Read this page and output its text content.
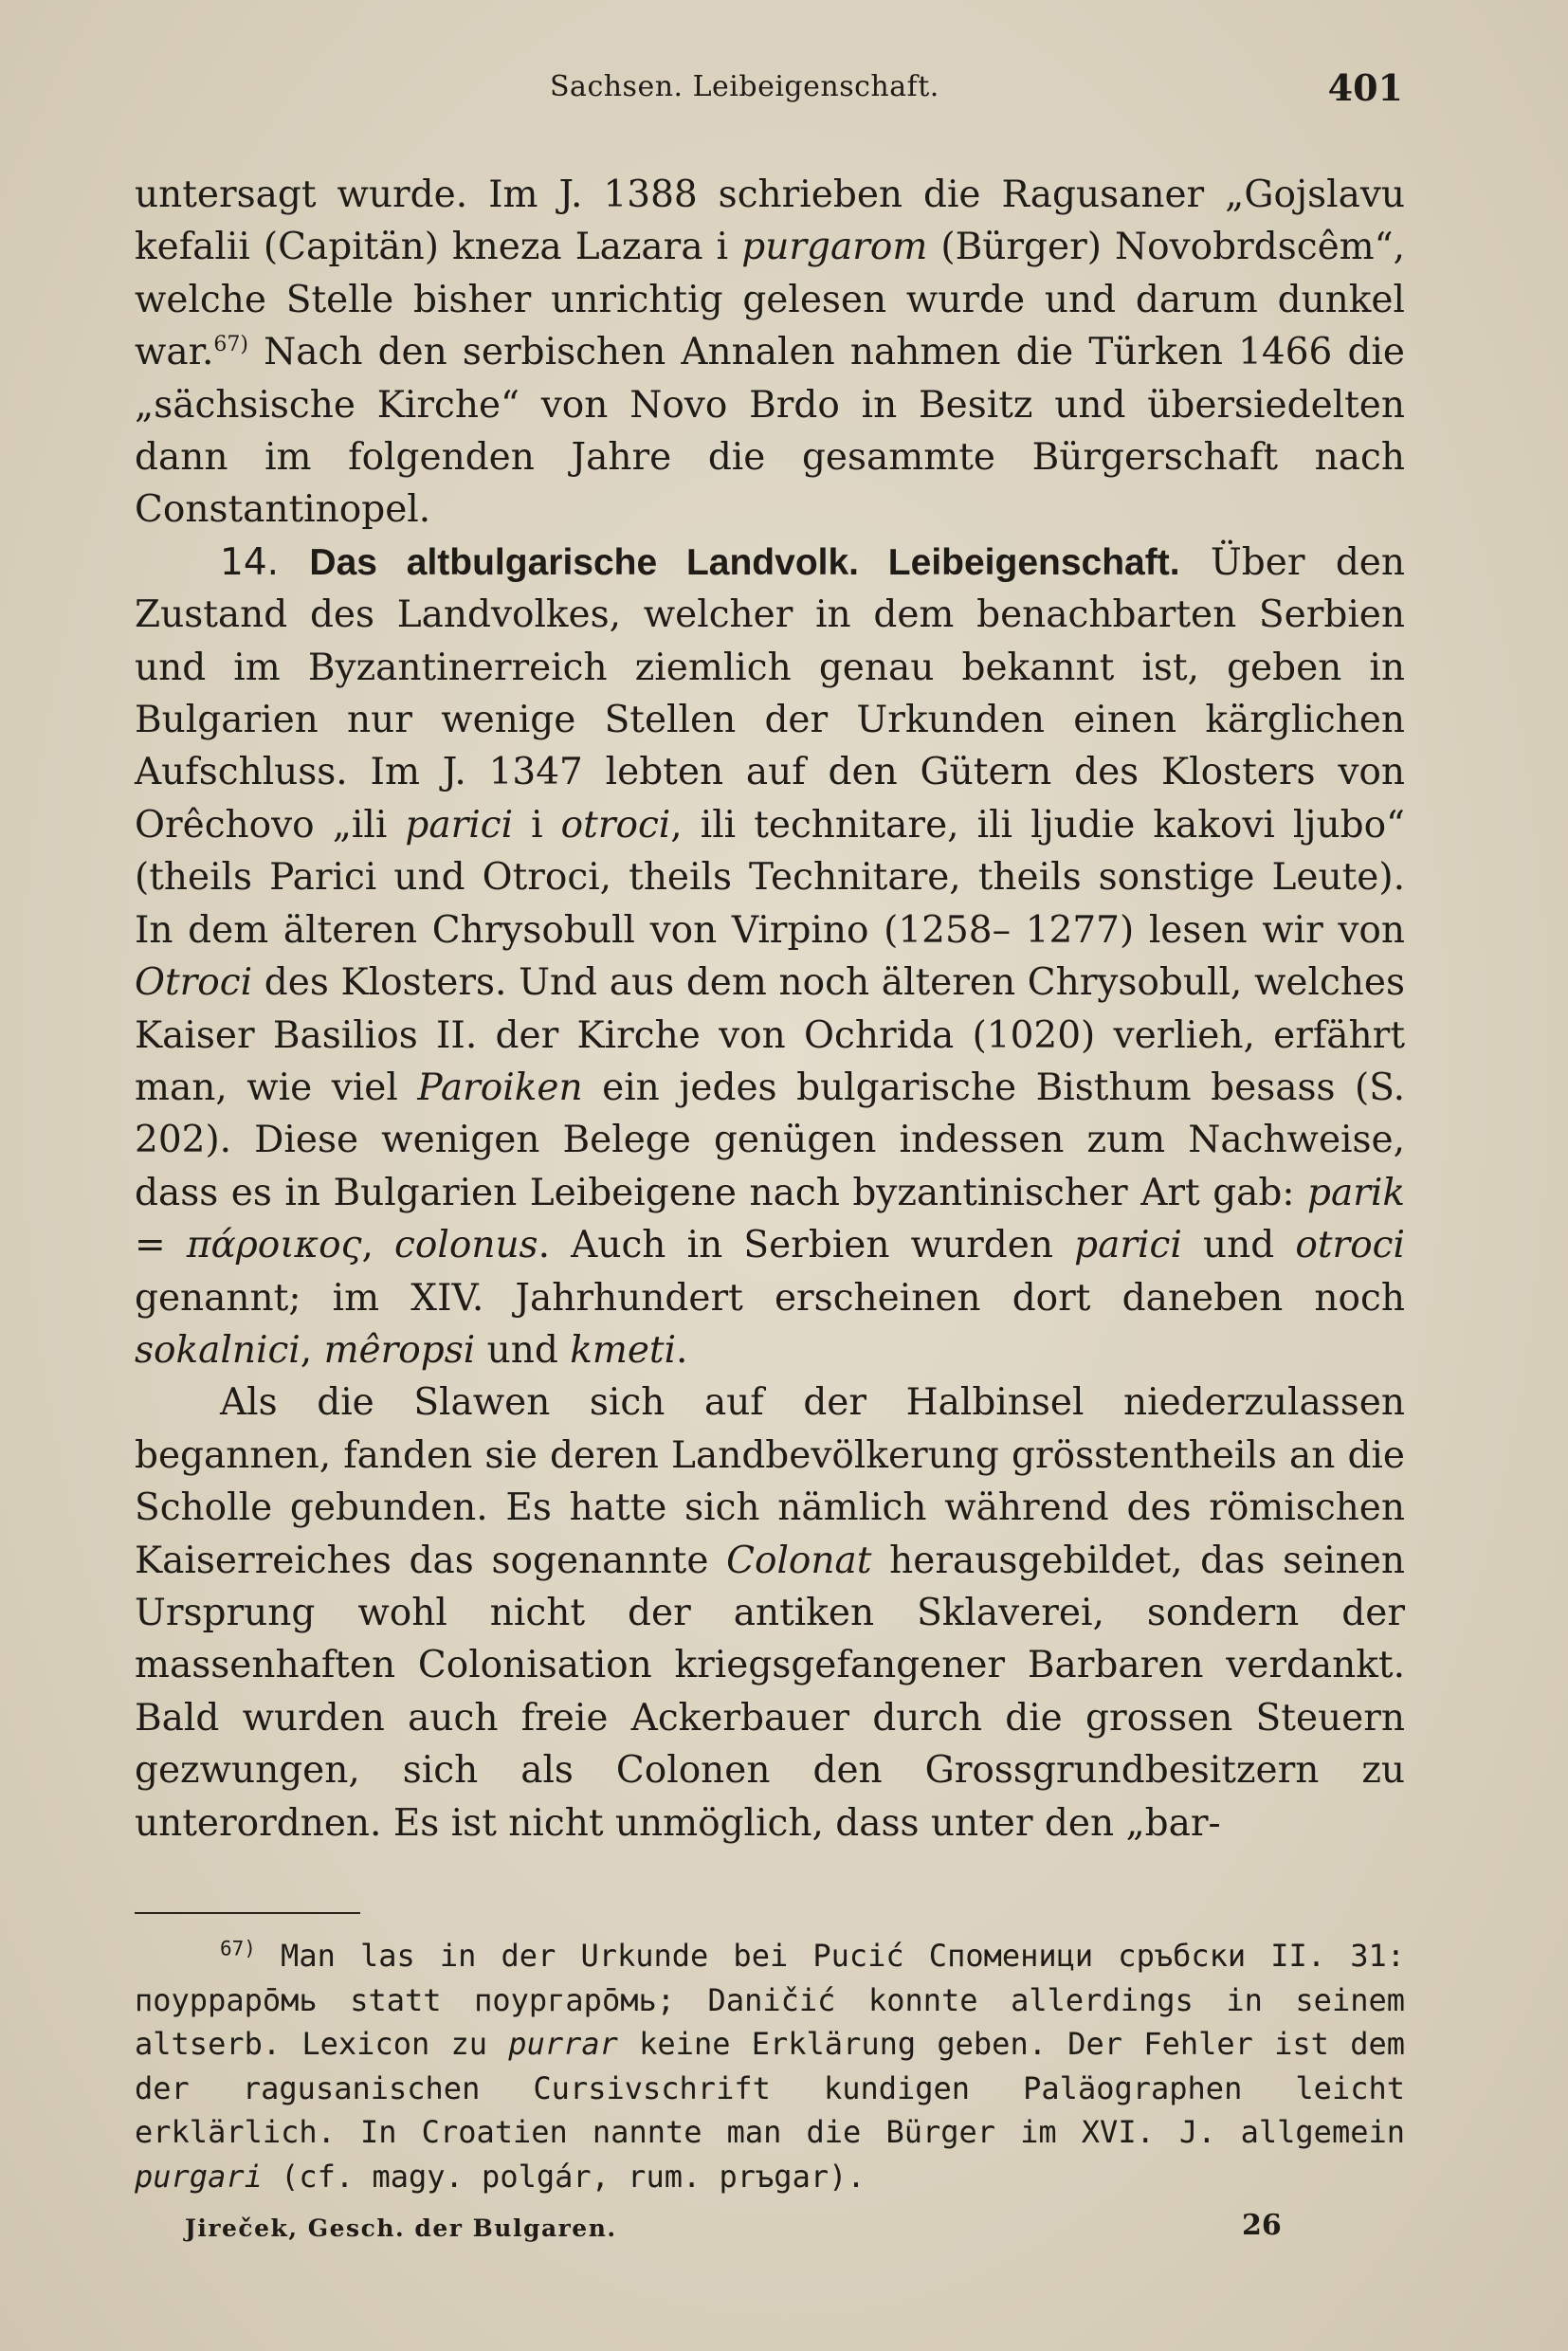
Sachsen. Leibeigenschaft.	401

untersagt wurde. Im J. 1388 schrieben die Ragusaner „Gojslavu kefalii (Capitän) kneza Lazara i purgarom (Bürger) Novobrdscêm“, welche Stelle bisher unrichtig gelesen wurde und darum dunkel war.$^{67)}$ Nach den serbischen Annalen nahmen die Türken 1466 die „sächsische Kirche“ von Novo Brdo in Besitz und übersiedelten dann im folgenden Jahre die gesammte Bürgerschaft nach Constantinopel.

14. Das altbulgarische Landvolk. Leibeigenschaft. Über den Zustand des Landvolkes, welcher in dem benachbarten Serbien und im Byzantinerreich ziemlich genau bekannt ist, geben in Bulgarien nur wenige Stellen der Urkunden einen kärglichen Aufschluss. Im J. 1347 lebten auf den Gütern des Klosters von Orêchovo „ili parici i otroci, ili technitare, ili ljudie kakovi ljubo“ (theils Parici und Otroci, theils Technitare, theils sonstige Leute). In dem älteren Chrysobull von Virpino (1258– 1277) lesen wir von Otroci des Klosters. Und aus dem noch älteren Chrysobull, welches Kaiser Basilios II. der Kirche von Ochrida (1020) verlieh, erfährt man, wie viel Paroiken ein jedes bulgarische Bisthum besass (S. 202). Diese wenigen Belege genügen indessen zum Nachweise, dass es in Bulgarien Leibeigene nach byzantinischer Art gab: parik = πάροικος, colonus. Auch in Serbien wurden parici und otroci genannt; im XIV. Jahrhundert erscheinen dort daneben noch sokalnici, mêropsi und kmeti.

Als die Slawen sich auf der Halbinsel niederzulassen begannen, fanden sie deren Landbevölkerung grösstentheils an die Scholle gebunden. Es hatte sich nämlich während des römischen Kaiserreiches das sogenannte Colonat herausgebildet, das seinen Ursprung wohl nicht der antiken Sklaverei, sondern der massenhaften Colonisation kriegsgefangener Barbaren verdankt. Bald wurden auch freie Ackerbauer durch die grossen Steuern gezwungen, sich als Colonen den Grossgrundbesitzern zu unterordnen. Es ist nicht unmöglich, dass unter den „bar-

$^{67)}$ Man las in der Urkunde bei Pucić Споменици сръбски II. 31: поуррарōмь statt поургарōмь; Daničić konnte allerdings in seinem altserb. Lexicon zu purrar keine Erklärung geben. Der Fehler ist dem der ragusanischen Cursivschrift kundigen Paläographen leicht erklärlich. In Croatien nannte man die Bürger im XVI. J. allgemein purgari (cf. magy. polgár, rum. prъgar).

Jireček, Gesch. der Bulgaren.	26
